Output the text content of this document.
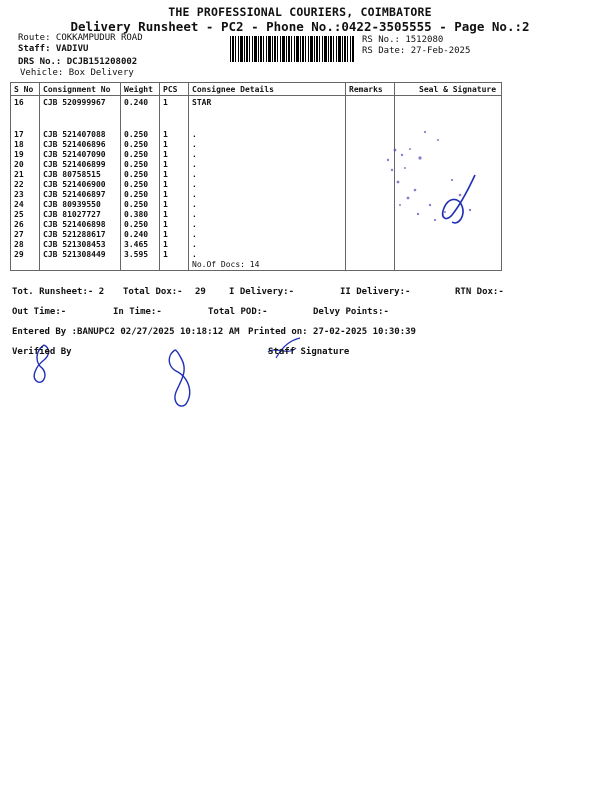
THE PROFESSIONAL COURIERS, COIMBATORE
Delivery Runsheet - PC2 - Phone No.:0422-3505555 - Page No.:2
Route: COKKAMPUDUR ROAD
Staff: VADIVU
DRS No.: DCJB151208002
Vehicle: Box Delivery
RS No.: 1512080
RS Date: 27-Feb-2025
S No	Consignment No	Weight	PCS	Consignee Details	Remarks	Seal & Signature
16	CJB 520999967	0.240	1	STAR		
17	CJB 521407088	0.250	1	.		
18	CJB 521406896	0.250	1	.		
19	CJB 521407090	0.250	1	.		
20	CJB 521406899	0.250	1	.		
21	CJB 80758515	0.250	1	.		
22	CJB 521406900	0.250	1	.		
23	CJB 521406897	0.250	1	.		
24	CJB 80939550	0.250	1	.		
25	CJB 81027727	0.380	1	.		
26	CJB 521406898	0.250	1	.		
27	CJB 521288617	0.240	1	.		
28	CJB 521308453	3.465	1	.		
29	CJB 521308449	3.595	1	.		
				No.Of Docs: 14		
Tot. Runsheet:- 2 Total Dox:- 29	I Delivery:-	II Delivery:-	RTN Dox:-
Out Time:-	In Time:-	Total POD:-	Delvy Points:-
Entered By :BANUPC2 02/27/2025 10:18:12 AM Printed on: 27-02-2025 10:30:39
Verified By	Staff Signature
